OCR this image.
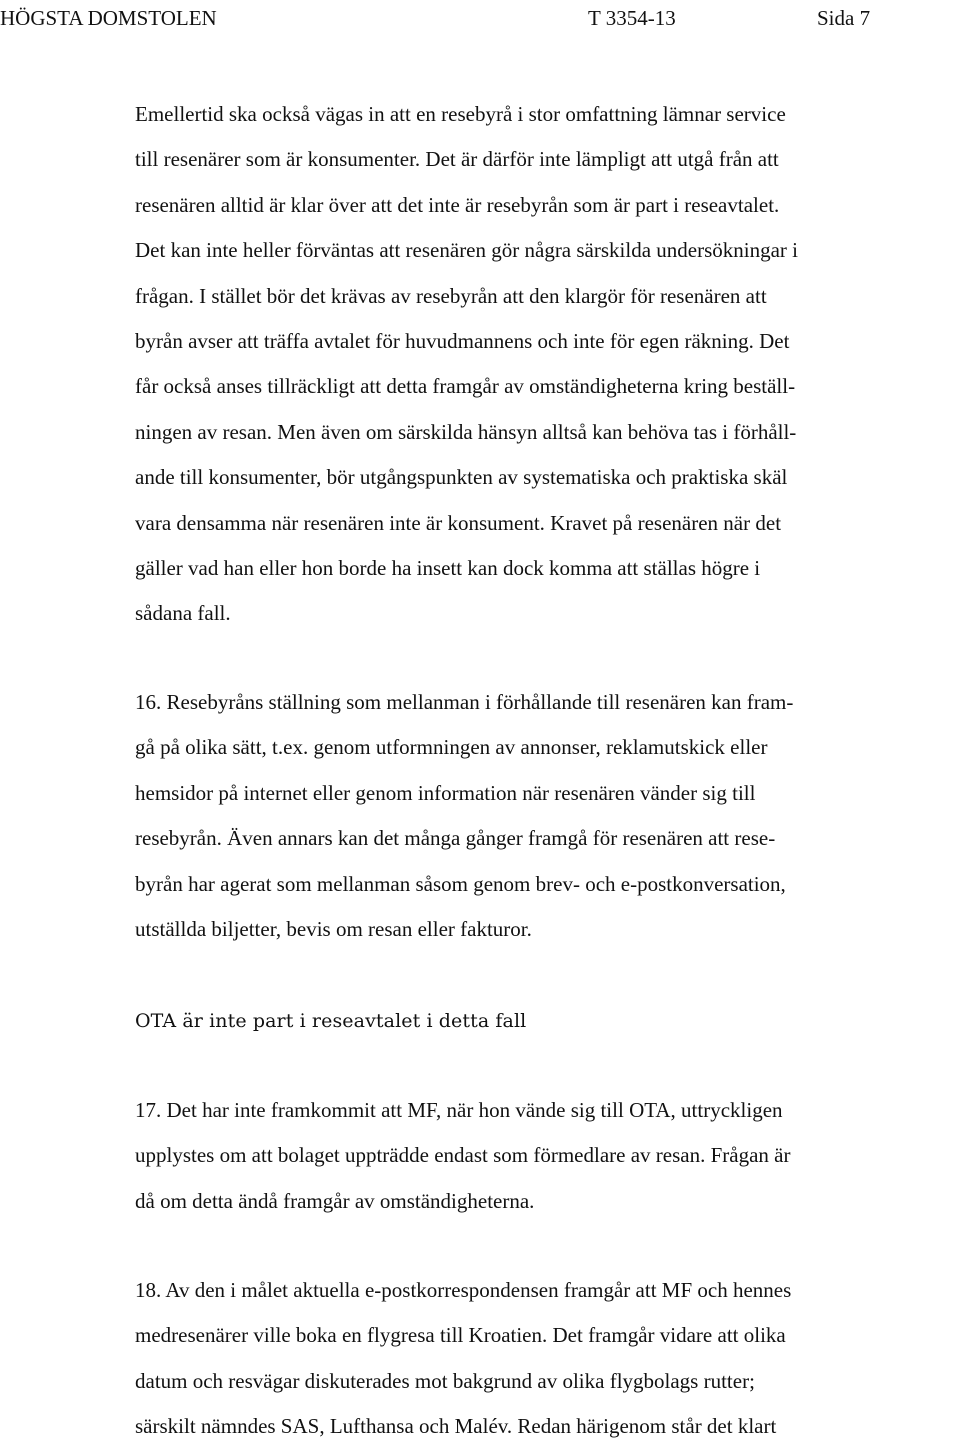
HÖGSTA DOMSTOLEN	T 3354-13	Sida 7
Emellertid ska också vägas in att en resebyrå i stor omfattning lämnar service
till resenärer som är konsumenter. Det är därför inte lämpligt att utgå från att
resenären alltid är klar över att det inte är resebyrån som är part i reseavtalet.
Det kan inte heller förväntas att resenären gör några särskilda undersökningar i
frågan. I stället bör det krävas av resebyrån att den klargör för resenären att
byrån avser att träffa avtalet för huvudmannens och inte för egen räkning. Det
får också anses tillräckligt att detta framgår av omständigheterna kring beställ-
ningen av resan. Men även om särskilda hänsyn alltså kan behöva tas i förhåll-
ande till konsumenter, bör utgångspunkten av systematiska och praktiska skäl
vara densamma när resenären inte är konsument. Kravet på resenären när det
gäller vad han eller hon borde ha insett kan dock komma att ställas högre i
sådana fall.
16. Resebyråns ställning som mellanman i förhållande till resenären kan fram-
gå på olika sätt, t.ex. genom utformningen av annonser, reklamutskick eller
hemsidor på internet eller genom information när resenären vänder sig till
resebyrån. Även annars kan det många gånger framgå för resenären att rese-
byrån har agerat som mellanman såsom genom brev- och e-postkonversation,
utställda biljetter, bevis om resan eller fakturor.
OTA är inte part i reseavtalet i detta fall
17. Det har inte framkommit att MF, när hon vände sig till OTA, uttryckligen
upplystes om att bolaget uppträdde endast som förmedlare av resan. Frågan är
då om detta ändå framgår av omständigheterna.
18. Av den i målet aktuella e-postkorrespondensen framgår att MF och hennes
medresenärer ville boka en flygresa till Kroatien. Det framgår vidare att olika
datum och resvägar diskuterades mot bakgrund av olika flygbolags rutter;
särskilt nämndes SAS, Lufthansa och Malév. Redan härigenom står det klart
